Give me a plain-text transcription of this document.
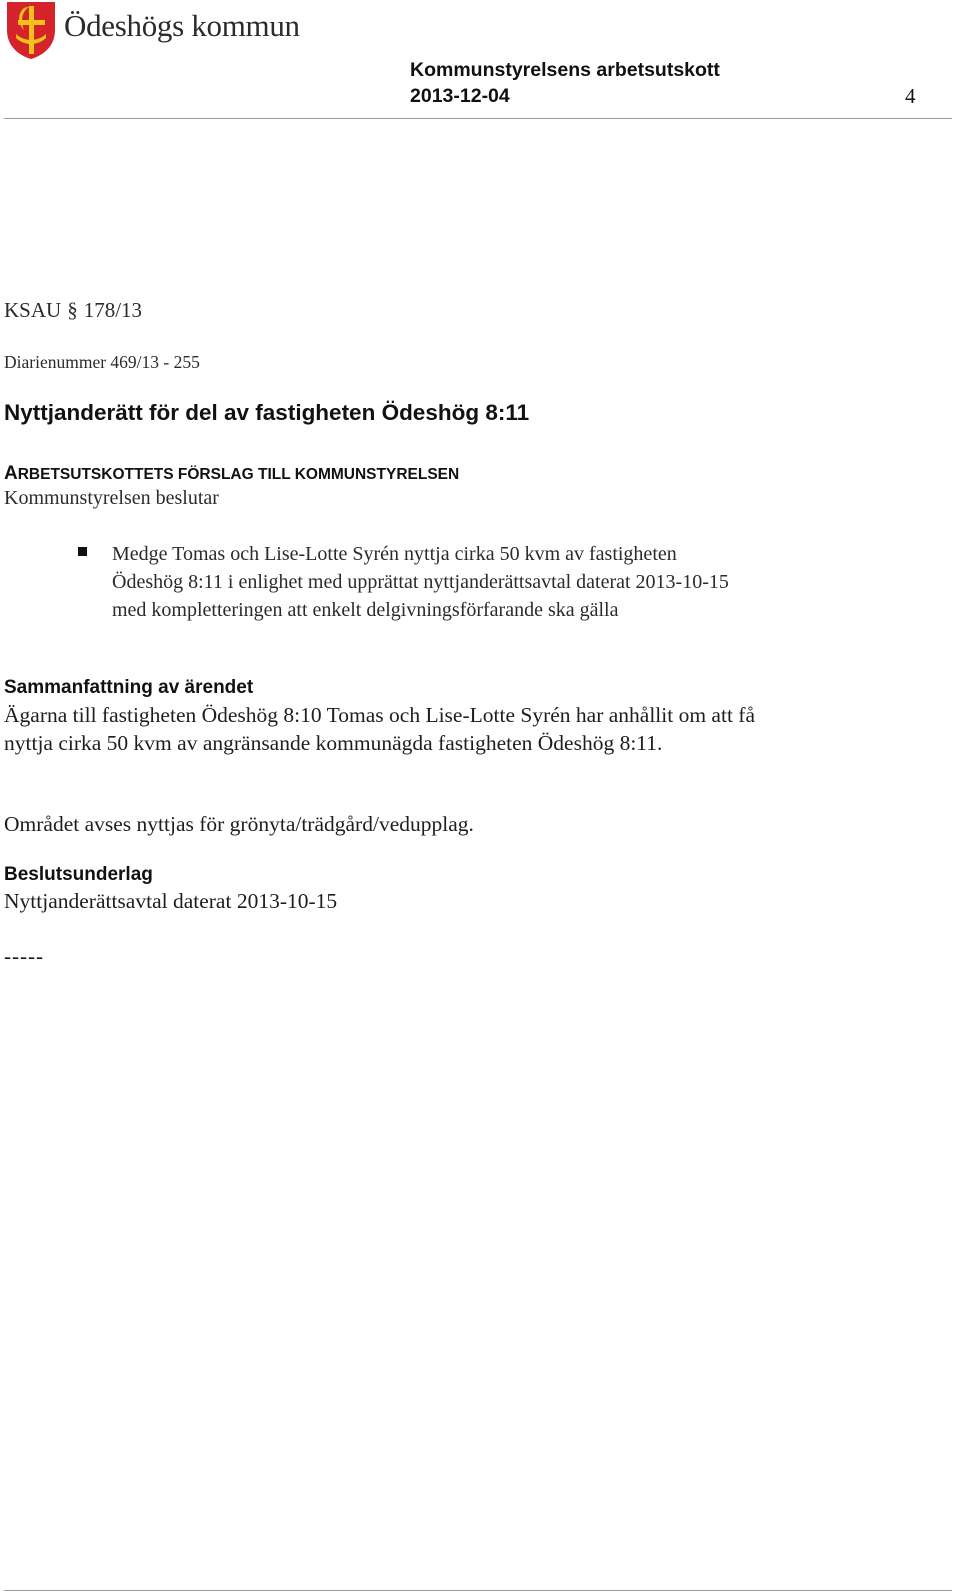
Ödeshögs kommun
Kommunstyrelsens arbetsutskott
2013-12-04	4
KSAU § 178/13
Diarienummer 469/13 - 255
Nyttjanderätt för del av fastigheten Ödeshög 8:11
ARBETSUTSKOTTETS FÖRSLAG TILL KOMMUNSTYRELSEN
Kommunstyrelsen beslutar
Medge Tomas och Lise-Lotte Syrén nyttja cirka 50 kvm av fastigheten Ödeshög 8:11 i enlighet med upprättat nyttjanderättsavtal daterat 2013-10-15 med kompletteringen att enkelt delgivningsförfarande ska gälla
Sammanfattning av ärendet
Ägarna till fastigheten Ödeshög 8:10 Tomas och Lise-Lotte Syrén har anhållit om att få nyttja cirka 50 kvm av angränsande kommunägda fastigheten Ödeshög 8:11.
Området avses nyttjas för grönyta/trädgård/vedupplag.
Beslutsunderlag
Nyttjanderättsavtal daterat 2013-10-15
-----
